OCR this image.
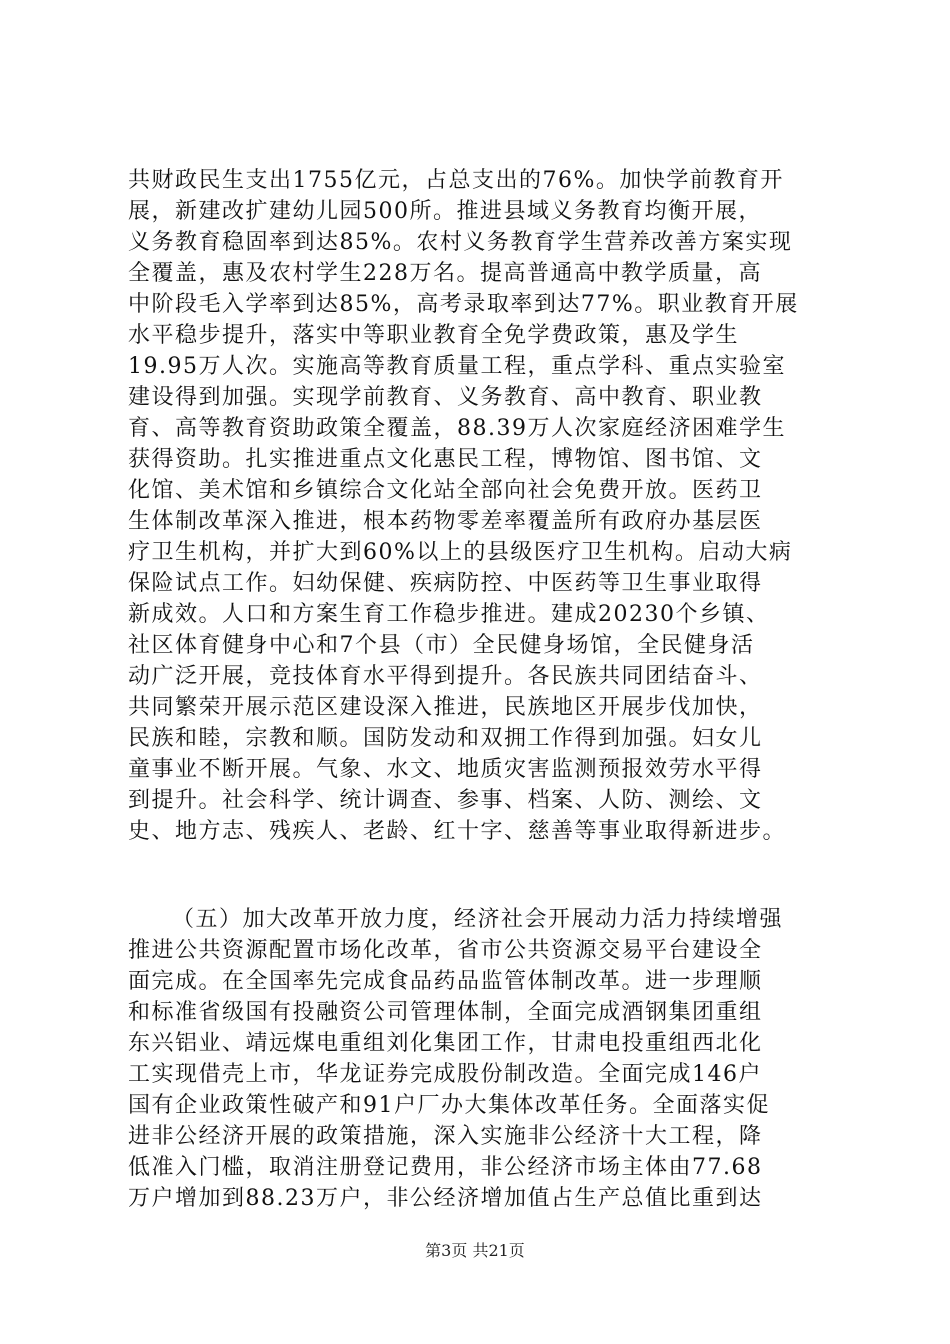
共财政民生支出1755亿元，占总支出的76%。加快学前教育开
展，新建改扩建幼儿园500所。推进县域义务教育均衡开展，
义务教育稳固率到达85%。农村义务教育学生营养改善方案实现
全覆盖，惠及农村学生228万名。提高普通高中教学质量，高
中阶段毛入学率到达85%，高考录取率到达77%。职业教育开展
水平稳步提升，落实中等职业教育全免学费政策，惠及学生
19.95万人次。实施高等教育质量工程，重点学科、重点实验室
建设得到加强。实现学前教育、义务教育、高中教育、职业教
育、高等教育资助政策全覆盖，88.39万人次家庭经济困难学生
获得资助。扎实推进重点文化惠民工程，博物馆、图书馆、文
化馆、美术馆和乡镇综合文化站全部向社会免费开放。医药卫
生体制改革深入推进，根本药物零差率覆盖所有政府办基层医
疗卫生机构，并扩大到60%以上的县级医疗卫生机构。启动大病
保险试点工作。妇幼保健、疾病防控、中医药等卫生事业取得
新成效。人口和方案生育工作稳步推进。建成20230个乡镇、
社区体育健身中心和7个县（市）全民健身场馆，全民健身活
动广泛开展，竞技体育水平得到提升。各民族共同团结奋斗、
共同繁荣开展示范区建设深入推进，民族地区开展步伐加快，
民族和睦，宗教和顺。国防发动和双拥工作得到加强。妇女儿
童事业不断开展。气象、水文、地质灾害监测预报效劳水平得
到提升。社会科学、统计调查、参事、档案、人防、测绘、文
史、地方志、残疾人、老龄、红十字、慈善等事业取得新进步。
（五）加大改革开放力度，经济社会开展动力活力持续增强
推进公共资源配置市场化改革，省市公共资源交易平台建设全
面完成。在全国率先完成食品药品监管体制改革。进一步理顺
和标准省级国有投融资公司管理体制，全面完成酒钢集团重组
东兴铝业、靖远煤电重组刘化集团工作，甘肃电投重组西北化
工实现借壳上市，华龙证券完成股份制改造。全面完成146户
国有企业政策性破产和91户厂办大集体改革任务。全面落实促
进非公经济开展的政策措施，深入实施非公经济十大工程，降
低准入门槛，取消注册登记费用，非公经济市场主体由77.68
万户增加到88.23万户，非公经济增加值占生产总值比重到达
第3页 共21页
